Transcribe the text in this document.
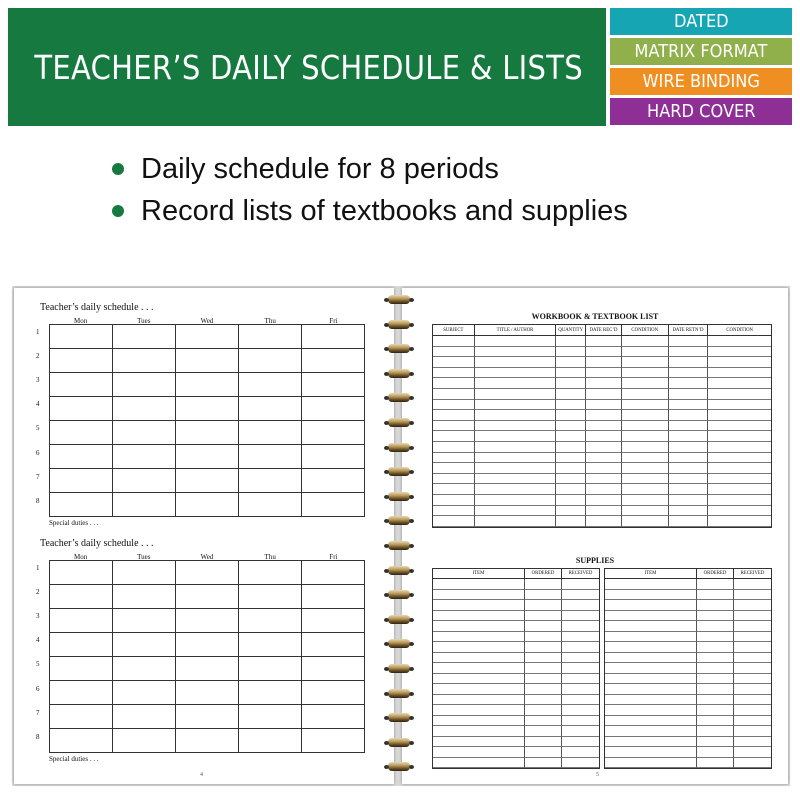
TEACHER’S DAILY SCHEDULE & LISTS
DATED
MATRIX FORMAT
WIRE BINDING
HARD COVER
Daily schedule for 8 periods
Record lists of textbooks and supplies
Teacher’s daily schedule . . .
Mon	Tues	Wed	Thu	Fri
1
2
3
4
5
6
7
8
Special duties . . .
Teacher’s daily schedule . . .
Mon	Tues	Wed	Thu	Fri
1
2
3
4
5
6
7
8
Special duties . . .
4
WORKBOOK & TEXTBOOK LIST
SUBJECT	TITLE / AUTHOR	QUANTITY	DATE REC’D	CONDITION	DATE RETN’D	CONDITION
SUPPLIES
ITEM	ORDERED	RECEIVED	ITEM	ORDERED	RECEIVED
5
